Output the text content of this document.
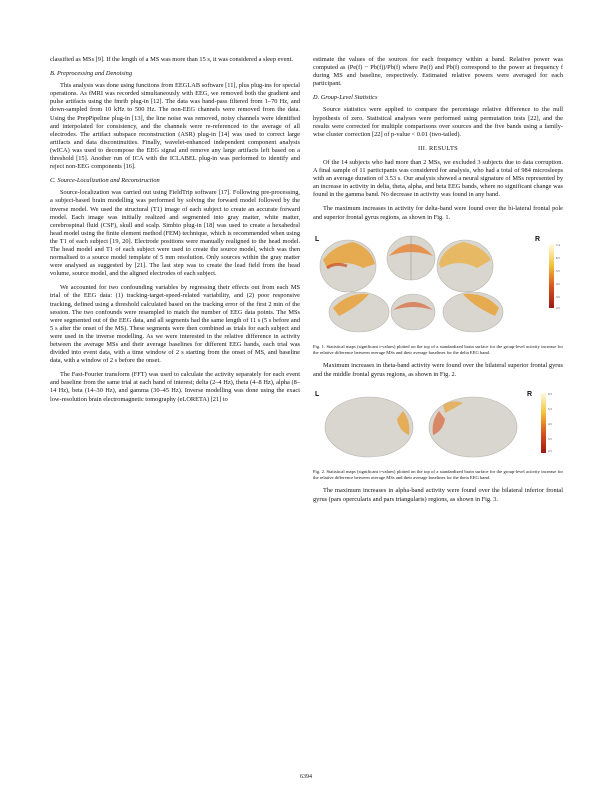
classified as MSs [9]. If the length of a MS was more than 15 s, it was considered a sleep event.

B. Preprocessing and Denoising

This analysis was done using functions from EEGLAB software [11], plus plug-ins for special operations. As fMRI was recorded simultaneously with EEG, we removed both the gradient and pulse artifacts using the fmrib plug-in [12]. The data was band-pass filtered from 1–70 Hz, and down-sampled from 10 kHz to 500 Hz. The non-EEG channels were removed from the data. Using the PrepPipeline plug-in [13], the line noise was removed, noisy channels were identified and interpolated for consistency, and the channels were re-referenced to the average of all electrodes. The artifact subspace reconstruction (ASR) plug-in [14] was used to correct large artifacts and data discontinuities. Finally, wavelet-enhanced independent component analysis (wICA) was used to decompose the EEG signal and remove any large artifacts left based on a threshold [15]. Another run of ICA with the ICLABEL plug-in was performed to identify and reject non-EEG components [16].

C. Source-Localization and Reconstruction

Source-localization was carried out using FieldTrip software [17]. Following pre-processing, a subject-based brain modelling was performed by solving the forward model followed by the inverse model. We used the structural (T1) image of each subject to create an accurate forward model. Each image was initially realized and segmented into gray matter, white matter, cerebrospinal fluid (CSF), skull and scalp. Simbio plug-in [18] was used to create a hexahedral head model using the finite element method (FEM) technique, which is recommended when using the T1 of each subject [19, 20]. Electrode positions were manually realigned to the head model. The head model and T1 of each subject were used to create the source model, which was then normalised to a source model template of 5 mm resolution. Only sources within the gray matter were analysed as suggested by [21]. The last step was to create the lead field from the head volume, source model, and the aligned electrodes of each subject.

We accounted for two confounding variables by regressing their effects out from each MS trial of the EEG data: (1) tracking-target-speed-related variability, and (2) poor responsive tracking, defined using a threshold calculated based on the tracking error of the first 2 min of the session. The two confounds were resampled to match the number of EEG data points. The MSs were segmented out of the EEG data, and all segments had the same length of 11 s (5 s before and 5 s after the onset of the MS). These segments were then combined as trials for each subject and were used in the inverse modelling. As we were interested in the relative difference in activity between the average MSs and their average baselines for different EEG bands, each trial was divided into event data, with a time window of 2 s starting from the onset of MS, and baseline data, with a window of 2 s before the onset.

The Fast-Fourier transform (FFT) was used to calculate the activity separately for each event and baseline from the same trial at each band of interest; delta (2–4 Hz), theta (4–8 Hz), alpha (8–14 Hz), beta (14–30 Hz), and gamma (30–45 Hz). Inverse modelling was done using the exact low-resolution brain electromagnetic tomography (eLORETA) [21] to

estimate the values of the sources for each frequency within a band. Relative power was computed as (Pe(f) − Pb(f))/Pb(f) where Pe(f) and Pb(f) correspond to the power at frequency f during MS and baseline, respectively. Estimated relative powers were averaged for each participant.

D. Group-Level Statistics

Source statistics were applied to compare the percentage relative difference to the null hypothesis of zero. Statistical analyses were performed using permutation tests [22], and the results were corrected for multiple comparisons over sources and the five bands using a family-wise cluster correction [22] of p-value < 0.01 (two-tailed).

III. RESULTS

Of the 14 subjects who had more than 2 MSs, we excluded 3 subjects due to data corruption. A final sample of 11 participants was considered for analysis, who had a total of 984 microsleeps with an average duration of 3.53 s. Our analysis showed a neural signature of MSs represented by an increase in activity in delta, theta, alpha, and beta EEG bands, where no significant change was found in the gamma band. No decrease in activity was found in any band.

The maximum increases in activity for delta-band were found over the bi-lateral frontal pole and superior frontal gyrus regions, as shown in Fig. 1.

L	R
7.4
6.5
5.5
4.5
3.5
2.5

Fig. 1. Statistical maps (significant t-values) plotted on the top of a standardized brain surface for the group-level activity increase for the relative difference between average MSs and their average baselines for the delta EEG band.

Maximum increases in theta-band activity were found over the bilateral superior frontal gyrus and the middle frontal gyrus regions, as shown in Fig. 2.

L	R	6.3
5.3
4.5
3.5
2.5

Fig. 2. Statistical maps (significant t-values) plotted on the top of a standardized brain surface for the group-level activity increase for the relative difference between average MSs and their average baselines for the theta EEG band.

The maximum increases in alpha-band activity were found over the bilateral inferior frontal gyrus (pars opercularis and pars triangularis) regions, as shown in Fig. 3.

6394
